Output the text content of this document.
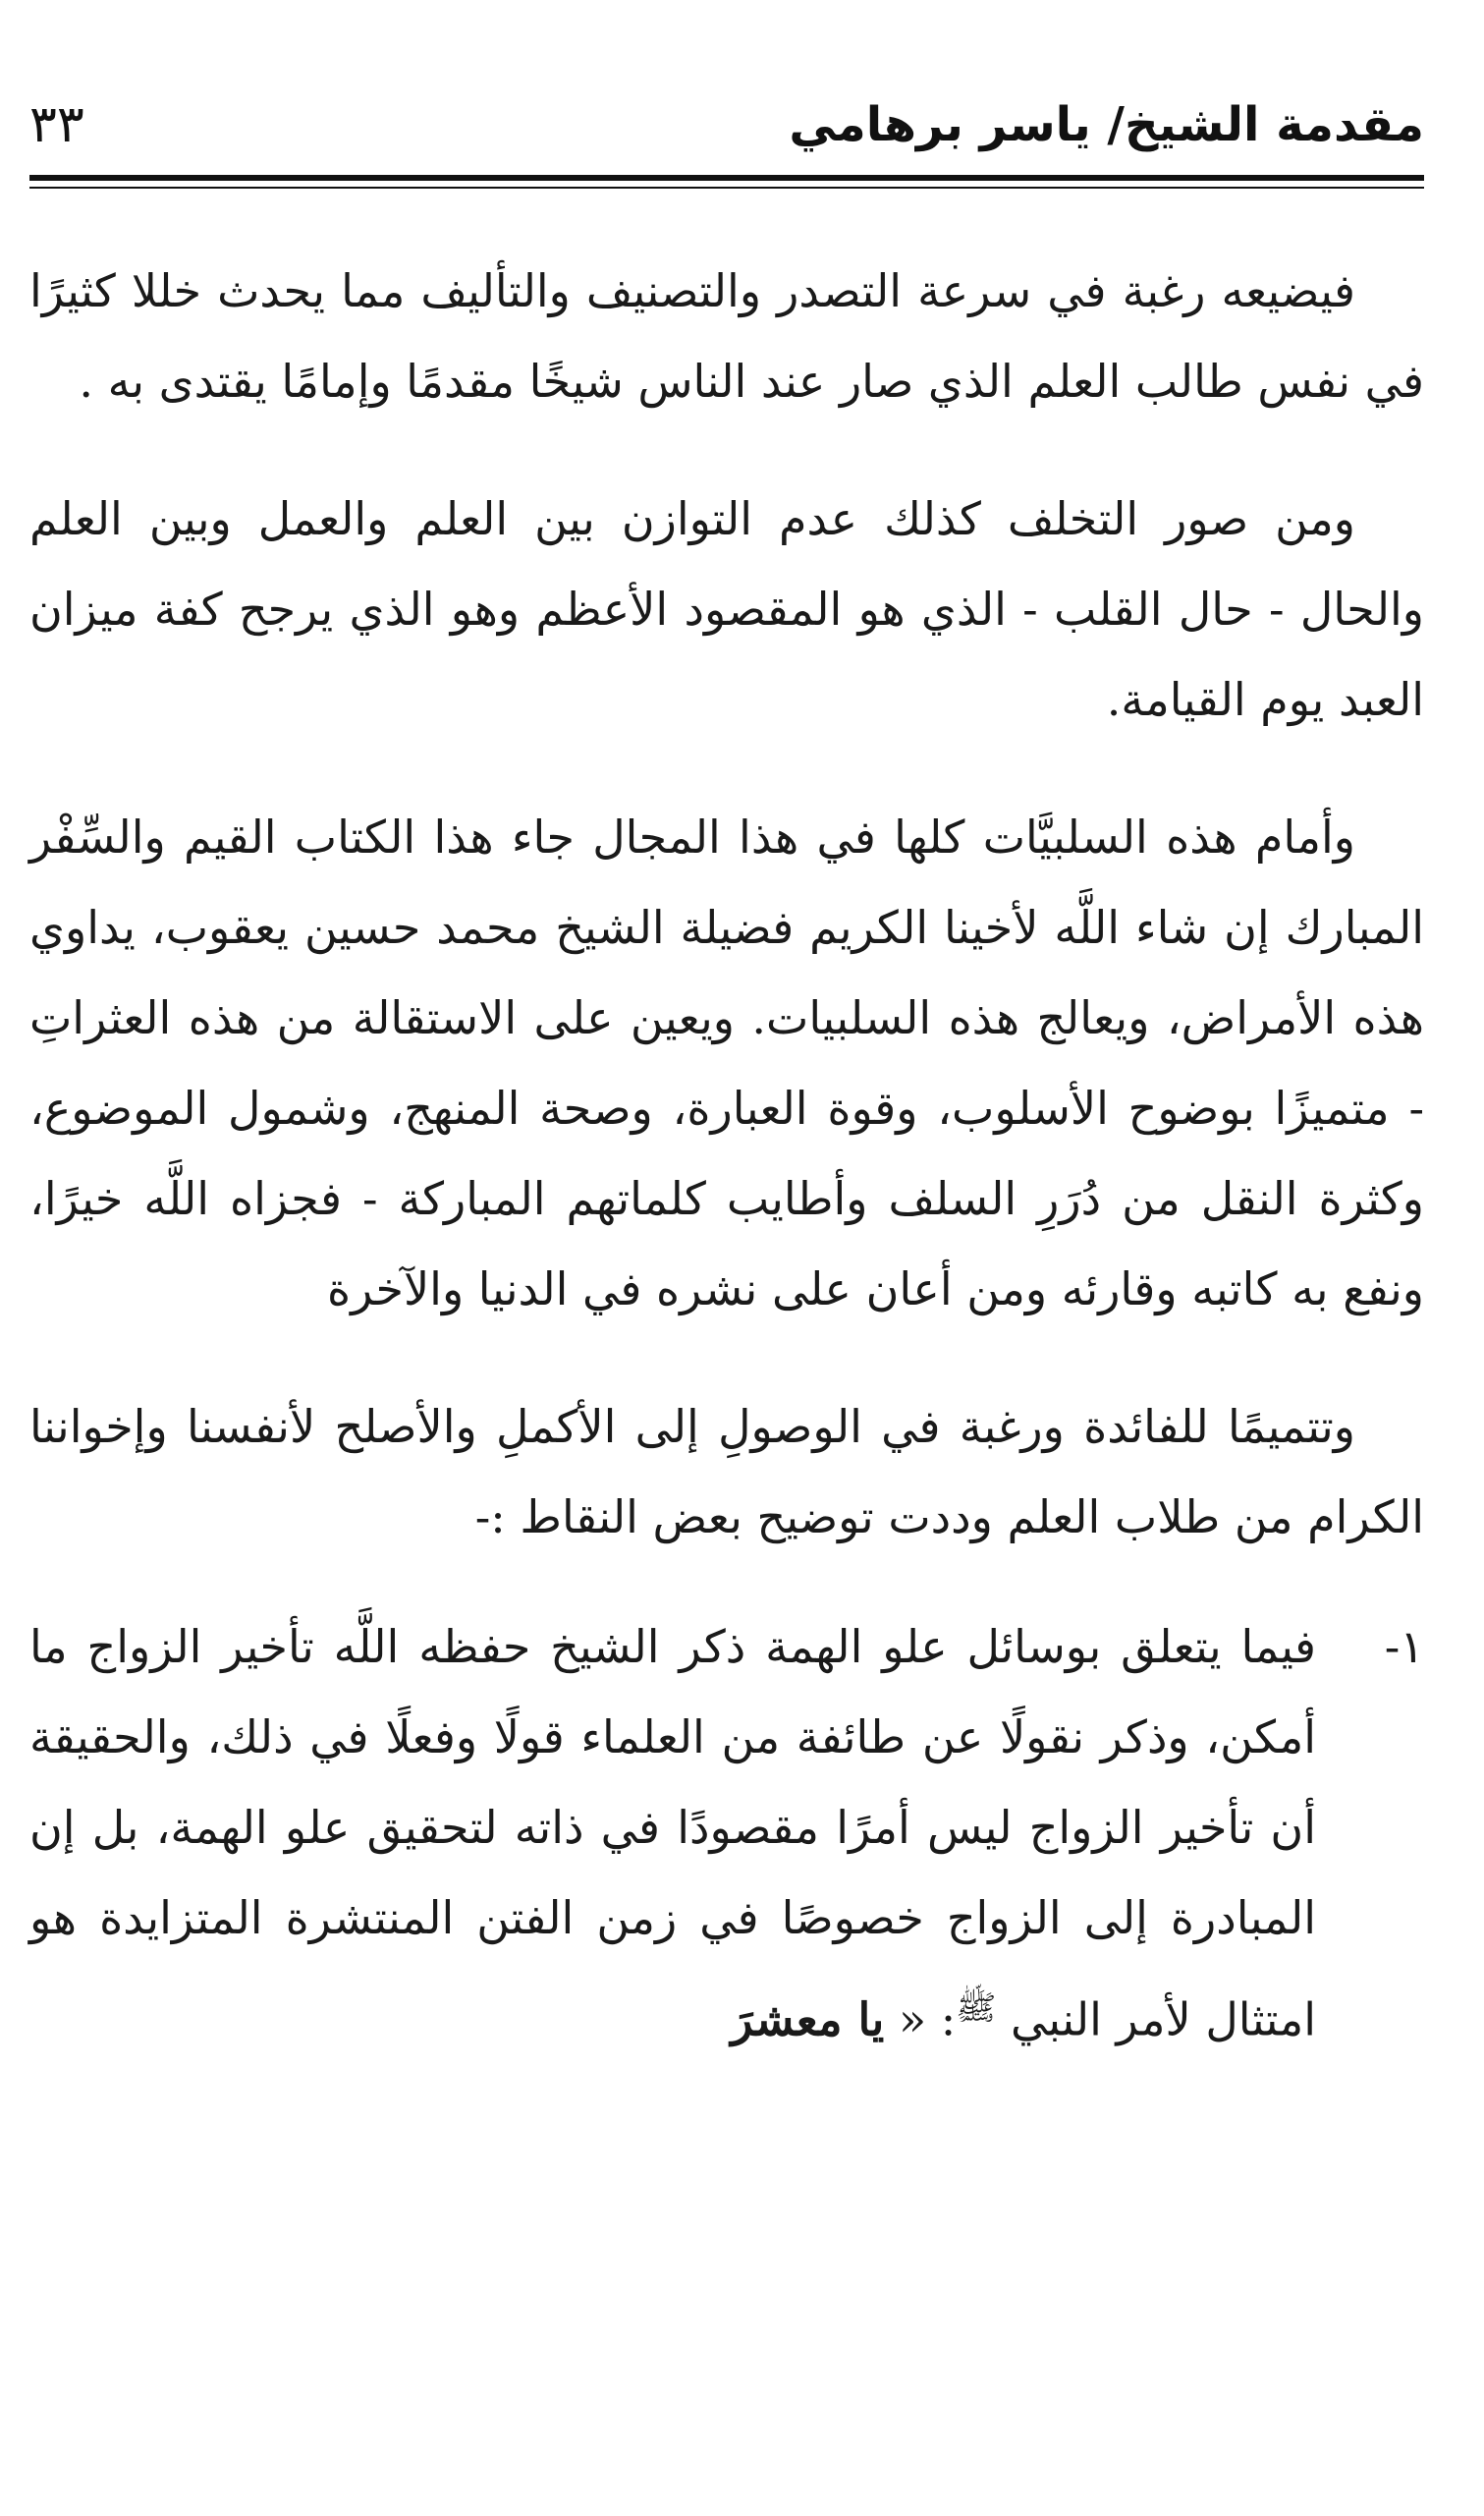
مقدمة الشيخ/ ياسر برهامي
٣٣

فيضيعه رغبة في سرعة التصدر والتصنيف والتأليف مما يحدث خللا كثيرًا في نفس طالب العلم الذي صار عند الناس شيخًا مقدمًا وإمامًا يقتدى به .

ومن صور التخلف كذلك عدم التوازن بين العلم والعمل وبين العلم والحال - حال القلب - الذي هو المقصود الأعظم وهو الذي يرجح كفة ميزان العبد يوم القيامة.

وأمام هذه السلبيَّات كلها في هذا المجال جاء هذا الكتاب القيم والسِّفْر المبارك إن شاء اللَّه لأخينا الكريم فضيلة الشيخ محمد حسين يعقوب، يداوي هذه الأمراض، ويعالج هذه السلبيات. ويعين على الاستقالة من هذه العثراتِ - متميزًا بوضوح الأسلوب، وقوة العبارة، وصحة المنهج، وشمول الموضوع، وكثرة النقل من دُرَرِ السلف وأطايب كلماتهم المباركة - فجزاه اللَّه خيرًا، ونفع به كاتبه وقارئه ومن أعان على نشره في الدنيا والآخرة

وتتميمًا للفائدة ورغبة في الوصولِ إلى الأكملِ والأصلح لأنفسنا وإخواننا الكرام من طلاب العلم وددت توضيح بعض النقاط :-

١-
فيما يتعلق بوسائل علو الهمة ذكر الشيخ حفظه اللَّه تأخير الزواج ما أمكن، وذكر نقولًا عن طائفة من العلماء قولًا وفعلًا في ذلك، والحقيقة أن تأخير الزواج ليس أمرًا مقصودًا في ذاته لتحقيق علو الهمة، بل إن المبادرة إلى الزواج خصوصًا في زمن الفتن المنتشرة المتزايدة هو امتثال لأمر النبي $^ﷺ$: « يا معشرَ
